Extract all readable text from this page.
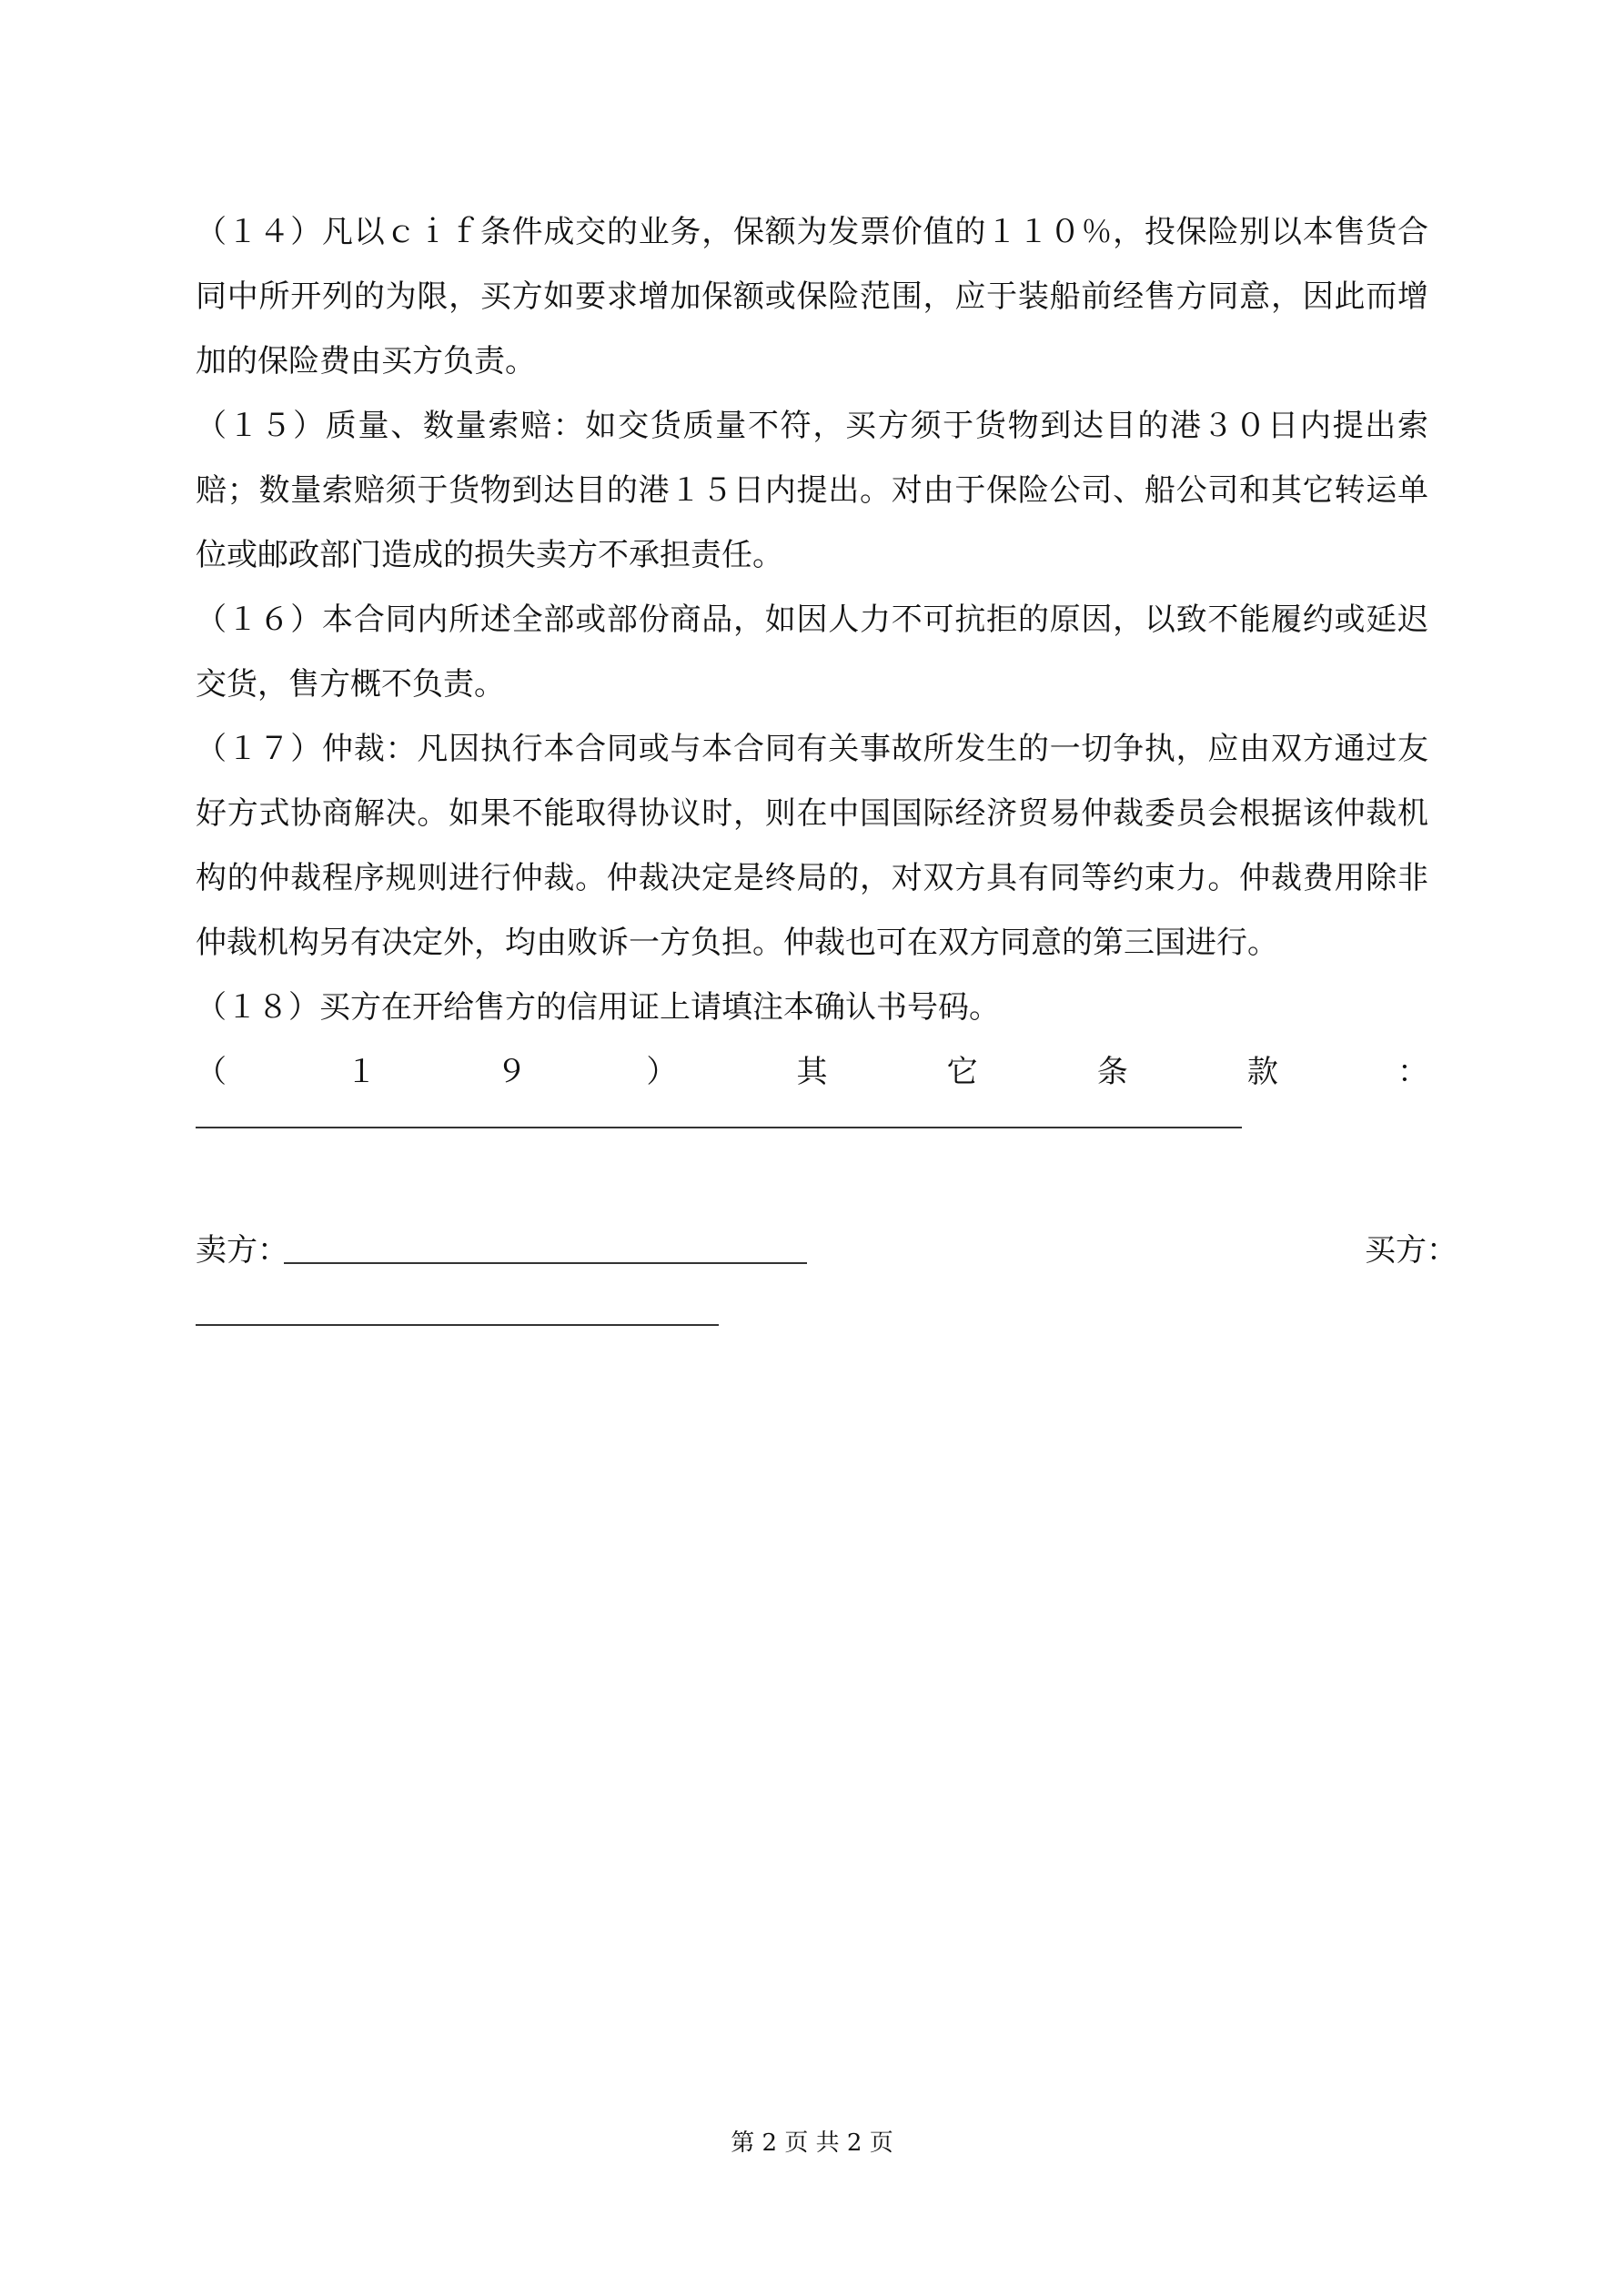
（１４）凡以ｃｉｆ条件成交的业务，保额为发票价值的１１０％，投保险别以本售货合同中所开列的为限，买方如要求增加保额或保险范围，应于装船前经售方同意，因此而增加的保险费由买方负责。

（１５）质量、数量索赔：如交货质量不符，买方须于货物到达目的港３０日内提出索赔；数量索赔须于货物到达目的港１５日内提出。对由于保险公司、船公司和其它转运单位或邮政部门造成的损失卖方不承担责任。

（１６）本合同内所述全部或部份商品，如因人力不可抗拒的原因，以致不能履约或延迟交货，售方概不负责。

（１７）仲裁：凡因执行本合同或与本合同有关事故所发生的一切争执，应由双方通过友好方式协商解决。如果不能取得协议时，则在中国国际经济贸易仲裁委员会根据该仲裁机构的仲裁程序规则进行仲裁。仲裁决定是终局的，对双方具有同等约束力。仲裁费用除非仲裁机构另有决定外，均由败诉一方负担。仲裁也可在双方同意的第三国进行。

（１８）买方在开给售方的信用证上请填注本确认书号码。

（	１	９	）	其	它	条	款	：
卖方：	买方：
第 2 页 共 2 页
